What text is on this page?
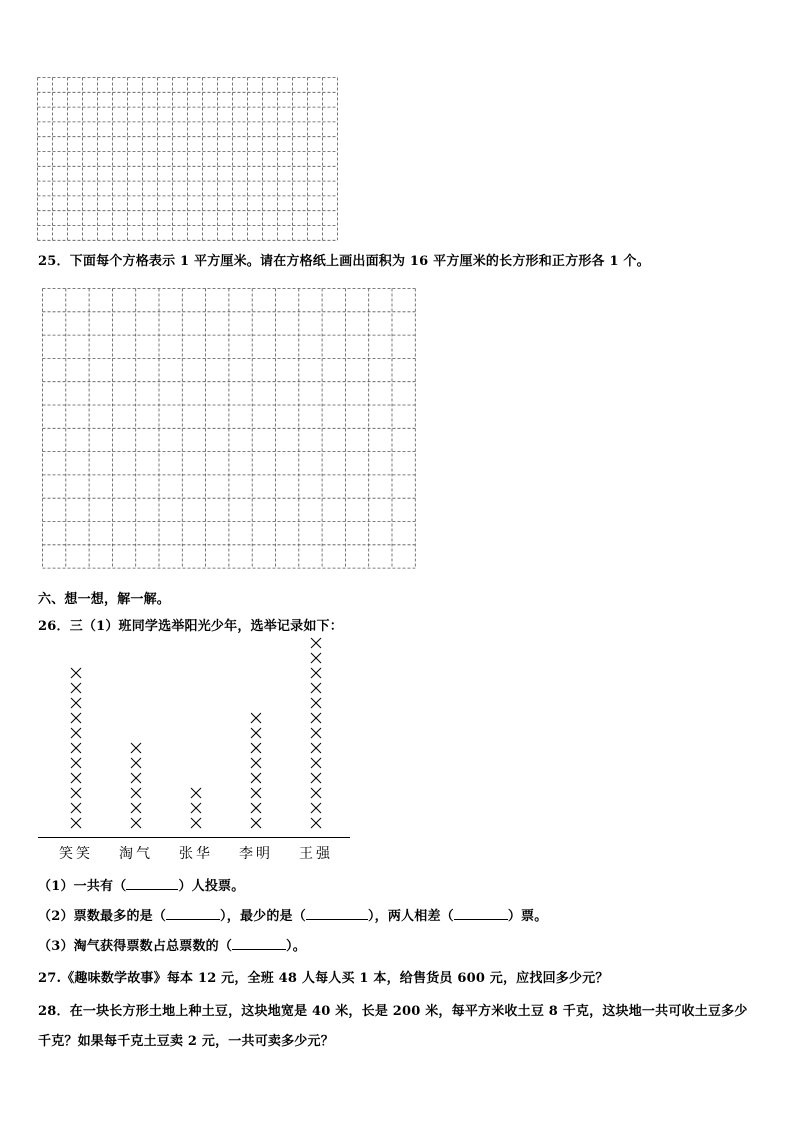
25．下面每个方格表示 1 平方厘米。请在方格纸上画出面积为 16 平方厘米的长方形和正方形各 1 个。
六、想一想，解一解。
26．三（1）班同学选举阳光少年，选举记录如下：
笑笑	淘气	张华	李明	王强
（1）一共有（	）人投票。
（2）票数最多的是（	），最少的是（	），两人相差（	）票。
（3）淘气获得票数占总票数的（	）。
27.《趣味数学故事》每本 12 元，全班 48 人每人买 1 本，给售货员 600 元，应找回多少元？
28．在一块长方形土地上种土豆，这块地宽是 40 米，长是 200 米，每平方米收土豆 8 千克，这块地一共可收土豆多少
千克？如果每千克土豆卖 2 元，一共可卖多少元？
